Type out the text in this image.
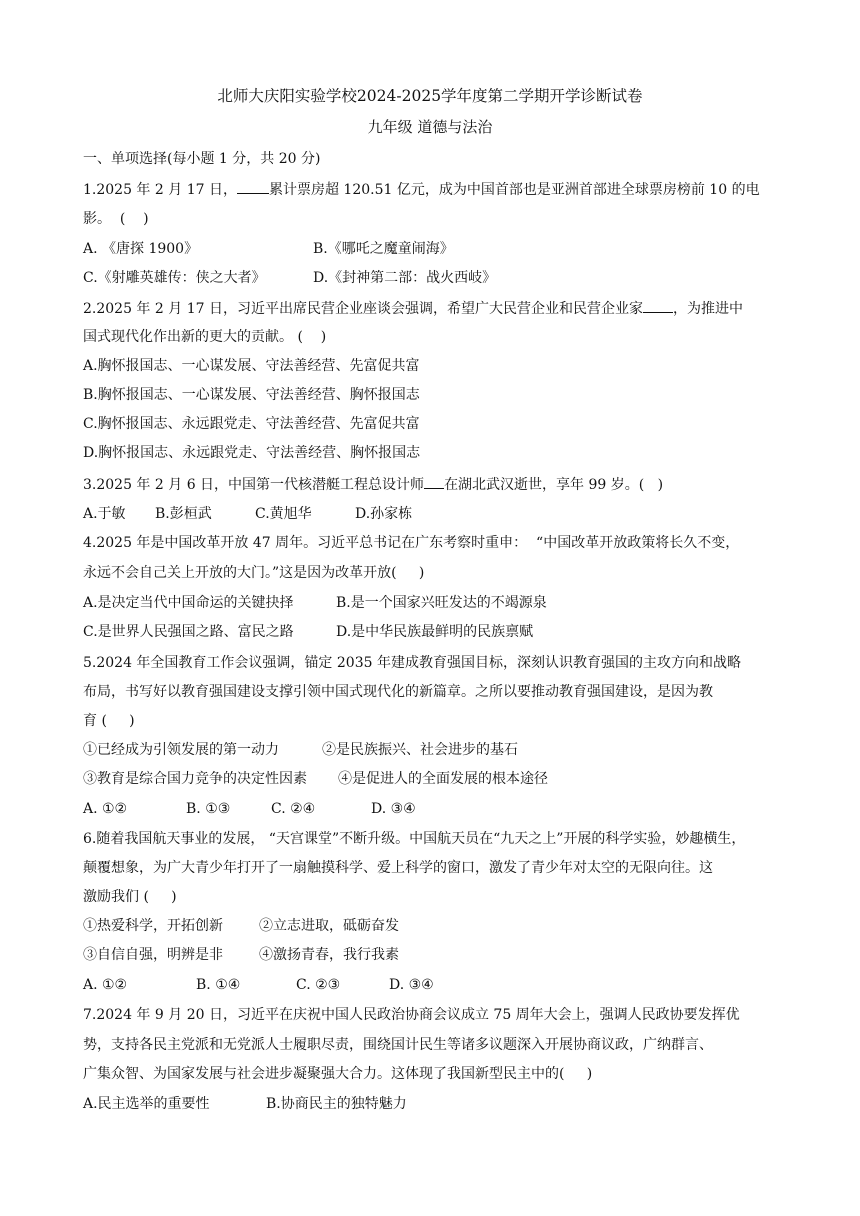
北师大庆阳实验学校2024-2025学年度第二学期开学诊断试卷
九年级 道德与法治
一、单项选择(每小题 1 分，共 20 分)
1.2025 年 2 月 17 日， 累计票房超 120.51 亿元，成为中国首部也是亚洲首部进全球票房榜前 10 的电
影。  (    )
A. 《唐探 1900》	B.《哪吒之魔童闹海》
C.《射雕英雄传：侠之大者》	D.《封神第二部：战火西岐》
2.2025 年 2 月 17 日，习近平出席民营企业座谈会强调，希望广大民营企业和民营企业家 ，为推进中
国式现代化作出新的更大的贡献。 (    )
A.胸怀报国志、一心谋发展、守法善经营、先富促共富
B.胸怀报国志、一心谋发展、守法善经营、胸怀报国志
C.胸怀报国志、永远跟党走、守法善经营、先富促共富
D.胸怀报国志、永远跟党走、守法善经营、胸怀报国志
3.2025 年 2 月 6 日，中国第一代核潜艇工程总设计师 在湖北武汉逝世，享年 99 岁。(   )
A.于敏 B.彭桓武	C.黄旭华	D.孙家栋
4.2025 年是中国改革开放 47 周年。习近平总书记在广东考察时重申：  “中国改革开放政策将长久不变，
永远不会自己关上开放的大门。”这是因为改革开放(     )
A.是决定当代中国命运的关键抉择	B.是一个国家兴旺发达的不竭源泉
C.是世界人民强国之路、富民之路	D.是中华民族最鲜明的民族禀赋
5.2024 年全国教育工作会议强调，锚定 2035 年建成教育强国目标，深刻认识教育强国的主攻方向和战略
布局，书写好以教育强国建设支撑引领中国式现代化的新篇章。之所以要推动教育强国建设，是因为教
育 (     )
①已经成为引领发展的第一动力	②是民族振兴、社会进步的基石
③教育是综合国力竞争的决定性因素 ④是促进人的全面发展的根本途径
A. ①②	B. ①③	C. ②④	D. ③④
6.随着我国航天事业的发展， “天宫课堂”不断升级。中国航天员在“九天之上”开展的科学实验，妙趣横生，
颠覆想象，为广大青少年打开了一扇触摸科学、爱上科学的窗口，激发了青少年对太空的无限向往。这
激励我们 (     )
①热爱科学，开拓创新	②立志进取，砥砺奋发
③自信自强，明辨是非	④激扬青春，我行我素
A. ①②	B. ①④	C. ②③	D. ③④
7.2024 年 9 月 20 日，习近平在庆祝中国人民政治协商会议成立 75 周年大会上，强调人民政协要发挥优
势，支持各民主党派和无党派人士履职尽责，围绕国计民生等诸多议题深入开展协商议政，广纳群言、
广集众智、为国家发展与社会进步凝聚强大合力。这体现了我国新型民主中的(     )
A.民主选举的重要性	B.协商民主的独特魅力
